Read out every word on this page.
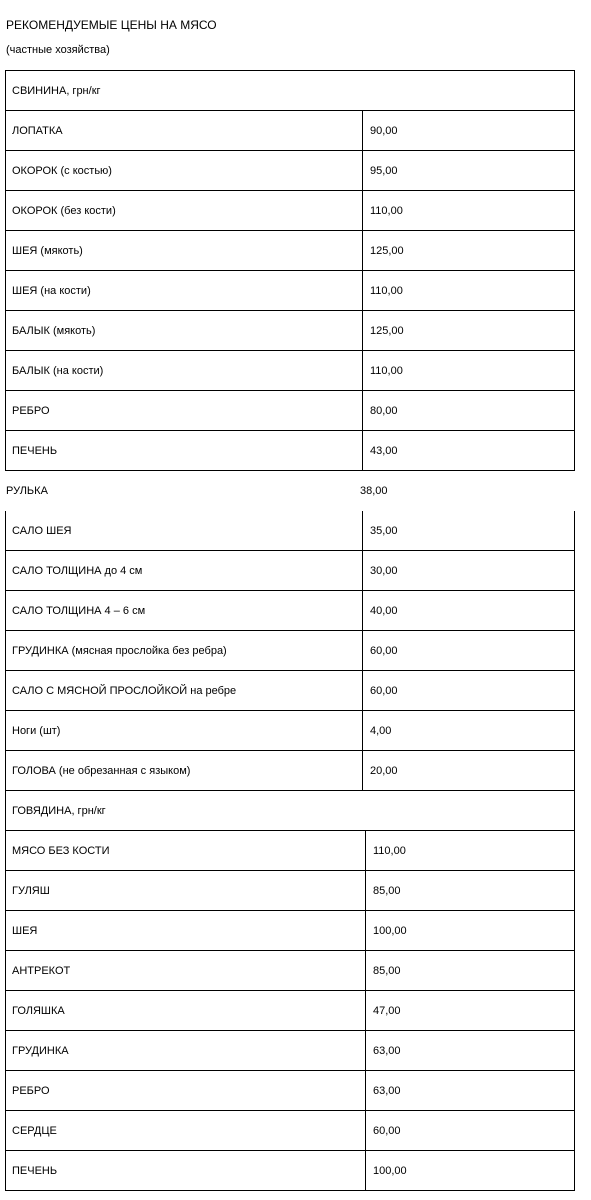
РЕКОМЕНДУЕМЫЕ ЦЕНЫ НА МЯСО
(частные хозяйства)
СВИНИНА, грн/кг
ЛОПАТКА	90,00
ОКОРОК (с костью)	95,00
ОКОРОК (без кости)	110,00
ШЕЯ (мякоть)	125,00
ШЕЯ (на кости)	110,00
БАЛЫК (мякоть)	125,00
БАЛЫК (на кости)	110,00
РЕБРО	80,00
ПЕЧЕНЬ	43,00
РУЛЬКА	38,00
САЛО ШЕЯ	35,00
САЛО ТОЛЩИНА до 4 см	30,00
САЛО ТОЛЩИНА 4 – 6 см	40,00
ГРУДИНКА (мясная прослойка без ребра)	60,00
САЛО С МЯСНОЙ ПРОСЛОЙКОЙ на ребре	60,00
Ноги (шт)	4,00
ГОЛОВА (не обрезанная с языком)	20,00
ГОВЯДИНА, грн/кг
МЯСО БЕЗ КОСТИ	110,00
ГУЛЯШ	85,00
ШЕЯ	100,00
АНТРЕКОТ	85,00
ГОЛЯШКА	47,00
ГРУДИНКА	63,00
РЕБРО	63,00
СЕРДЦЕ	60,00
ПЕЧЕНЬ	100,00
